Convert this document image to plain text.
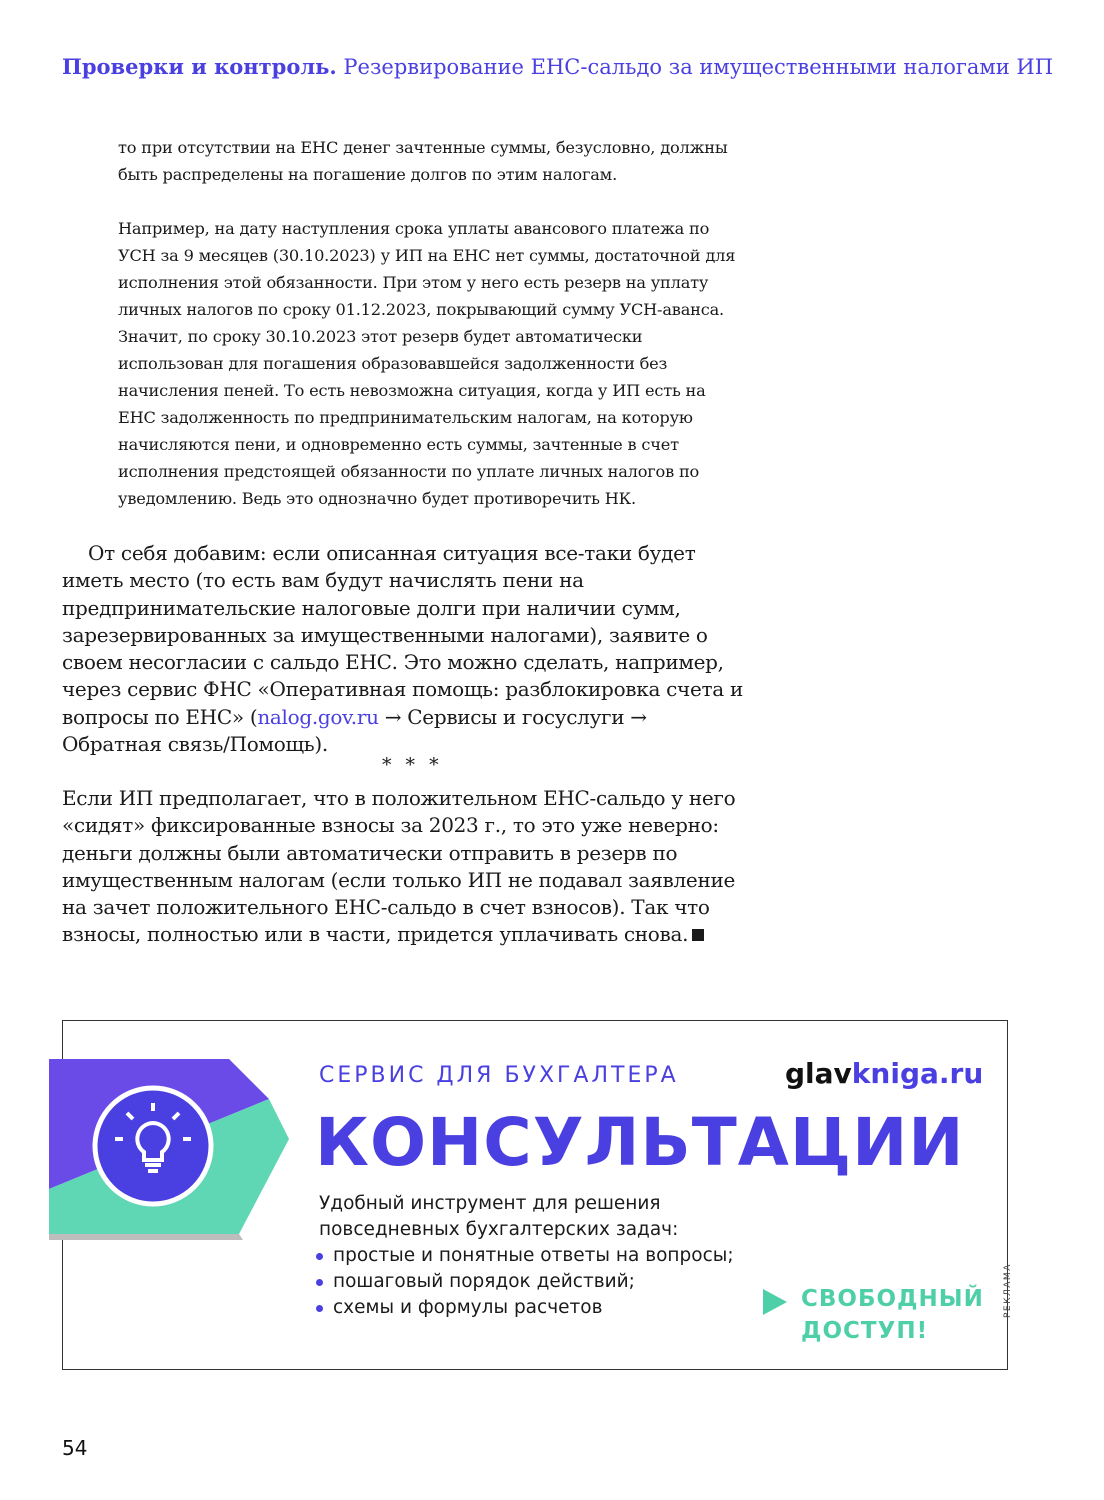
Проверки и контроль. Резервирование ЕНС-сальдо за имущественными налогами ИП

то при отсутствии на ЕНС денег зачтенные суммы, безусловно, должны быть распределены на погашение долгов по этим налогам.

Например, на дату наступления срока уплаты авансового платежа по УСН за 9 месяцев (30.10.2023) у ИП на ЕНС нет суммы, достаточной для исполнения этой обязанности. При этом у него есть резерв на уплату личных налогов по сроку 01.12.2023, покрывающий сумму УСН-аванса. Значит, по сроку 30.10.2023 этот резерв будет автоматически использован для погашения образовавшейся задолженности без начисления пеней. То есть невозможна ситуация, когда у ИП есть на ЕНС задолженность по предпринимательским налогам, на которую начисляются пени, и одновременно есть суммы, зачтенные в счет исполнения предстоящей обязанности по уплате личных налогов по уведомлению. Ведь это однозначно будет противоречить НК.

От себя добавим: если описанная ситуация все-таки будет иметь место (то есть вам будут начислять пени на предпринимательские налоговые долги при наличии сумм, зарезервированных за имущественными налогами), заявите о своем несогласии с сальдо ЕНС. Это можно сделать, например, через сервис ФНС «Оперативная помощь: разблокировка счета и вопросы по ЕНС» (nalog.gov.ru → Сервисы и госуслуги → Обратная связь/Помощь).

* * *

Если ИП предполагает, что в положительном ЕНС-сальдо у него «сидят» фиксированные взносы за 2023 г., то это уже неверно: деньги должны были автоматически отправить в резерв по имущественным налогам (если только ИП не подавал заявление на зачет положительного ЕНС-сальдо в счет взносов). Так что взносы, полностью или в части, придется уплачивать снова.

СЕРВИС ДЛЯ БУХГАЛТЕРА	glavkniga.ru
КОНСУЛЬТАЦИИ
Удобный инструмент для решения повседневных бухгалтерских задач:
простые и понятные ответы на вопросы;
пошаговый порядок действий;
схемы и формулы расчетов	СВОБОДНЫЙ
ДОСТУП!
РЕКЛАМА
54
